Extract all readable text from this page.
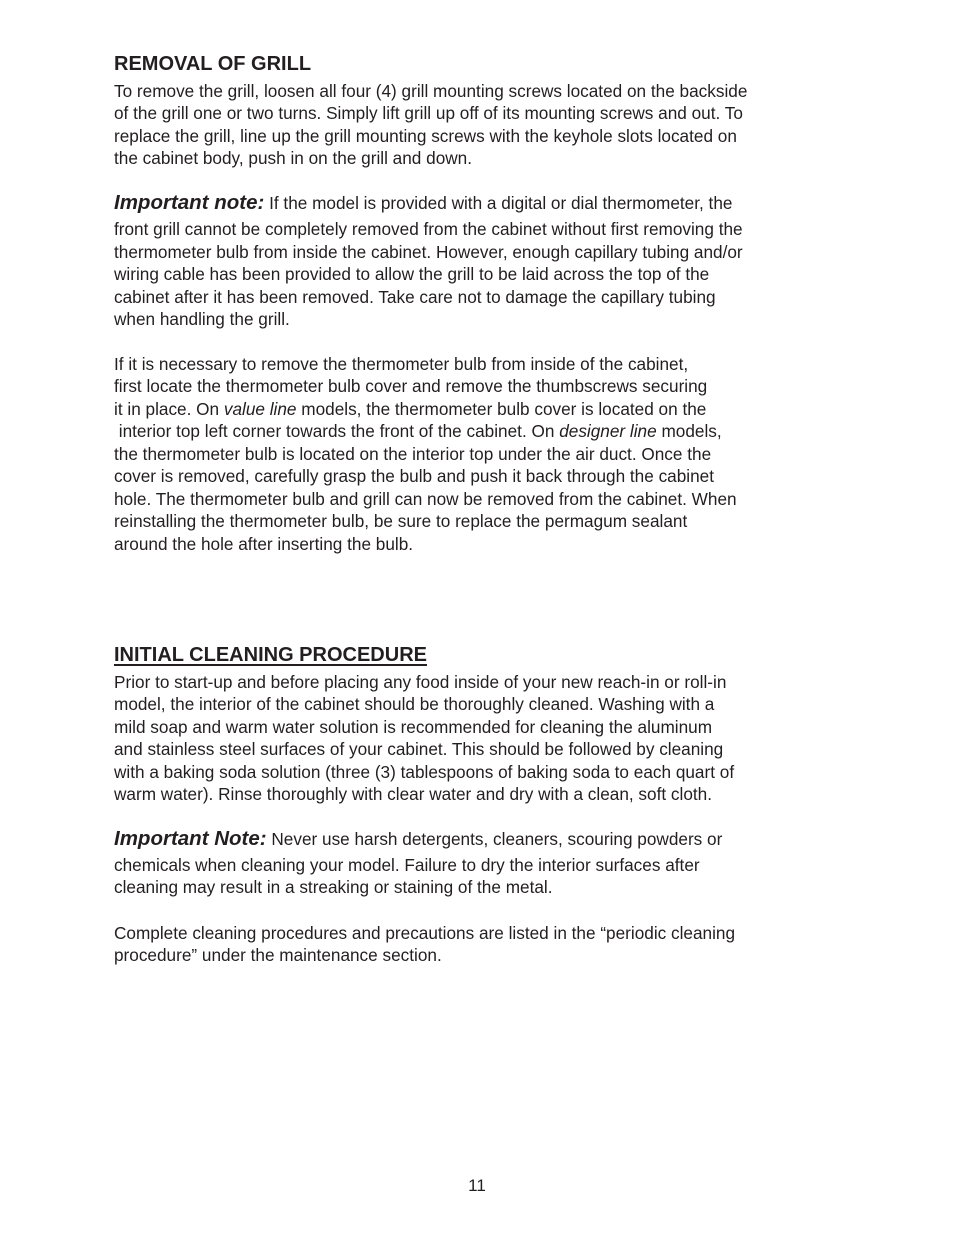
REMOVAL OF GRILL
To remove the grill, loosen all four (4) grill mounting screws located on the backside
of the grill one or two turns. Simply lift grill up off of its mounting screws and out. To
replace the grill, line up the grill mounting screws with the keyhole slots located on
the cabinet body, push in on the grill and down.
Important note: If the model is provided with a digital or dial thermometer, the
front grill cannot be completely removed from the cabinet without first removing the
thermometer bulb from inside the cabinet. However, enough capillary tubing and/or
wiring cable has been provided to allow the grill to be laid across the top of the
cabinet after it has been removed. Take care not to damage the capillary tubing
when handling the grill.
If it is necessary to remove the thermometer bulb from inside of the cabinet,
first locate the thermometer bulb cover and remove the thumbscrews securing
it in place. On value line models, the thermometer bulb cover is located on the
interior top left corner towards the front of the cabinet. On designer line models,
the thermometer bulb is located on the interior top under the air duct. Once the
cover is removed, carefully grasp the bulb and push it back through the cabinet
hole. The thermometer bulb and grill can now be removed from the cabinet. When
reinstalling the thermometer bulb, be sure to replace the permagum sealant
around the hole after inserting the bulb.
INITIAL CLEANING PROCEDURE
Prior to start-up and before placing any food inside of your new reach-in or roll-in
model, the interior of the cabinet should be thoroughly cleaned. Washing with a
mild soap and warm water solution is recommended for cleaning the aluminum
and stainless steel surfaces of your cabinet. This should be followed by cleaning
with a baking soda solution (three (3) tablespoons of baking soda to each quart of
warm water). Rinse thoroughly with clear water and dry with a clean, soft cloth.
Important Note: Never use harsh detergents, cleaners, scouring powders or
chemicals when cleaning your model. Failure to dry the interior surfaces after
cleaning may result in a streaking or staining of the metal.
Complete cleaning procedures and precautions are listed in the “periodic cleaning
procedure” under the maintenance section.
11
